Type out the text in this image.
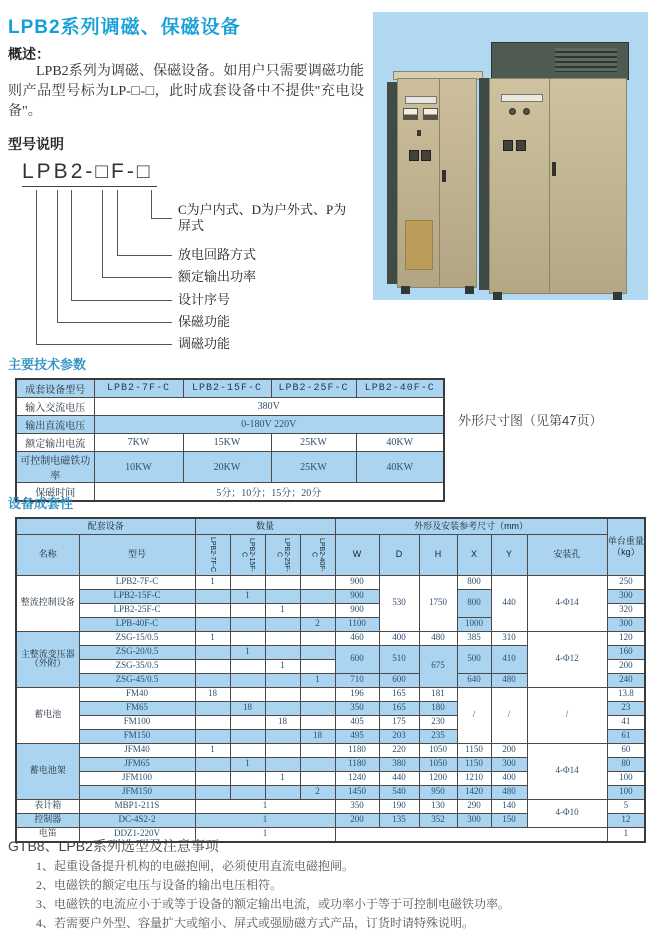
LPB2系列调磁、保磁设备
概述：
LPB2系列为调磁、保磁设备。如用户只需要调磁功能则产品型号标为LP-□-□，此时成套设备中不提供"充电设备"。
型号说明
LPB2-□F-□
C为户内式、D为户外式、P为屏式
放电回路方式
额定输出功率
设计序号
保磁功能
调磁功能
主要技术参数
成套设备型号	LPB2-7F-C	LPB2-15F-C	LPB2-25F-C	LPB2-40F-C
输入交流电压	380V			
输出直流电压	0-180V 220V			
额定输出电流	7KW	15KW	25KW	40KW
可控制电磁铁功率	10KW	20KW	25KW	40KW
保磁时间	5分；10分；15分；20分			
外形尺寸图（见第47页）
设备成套性
配套设备		数量				外形及安装参考尺寸（mm）						单台重量（kg）
名称	型号	LPB2-7F-C	LPB2-15F-C	LPB2-25F-C	LPB2-40F-C	W	D	H	X	Y	安装孔	
整流控制设备	LPB2-7F-C	1				900	530	1750	800	440	4-Φ14	250
	LPB2-15F-C		1			900			800			300
	LPB2-25F-C			1		900						320
	LPB-40F-C				2	1100			1000			300
主整流变压器（外附）	ZSG-15/0.5	1				460	400	480	385	310	4-Φ12	120
	ZSG-20/0.5		1			600	510	675	500	410		160
	ZSG-35/0.5			1								200
	ZSG-45/0.5				1	710	600		640	480		240
蓄电池	FM40	18				196	165	181	/	/	/	13.8
	FM65		18			350	165	180				23
	FM100			18		405	175	230				41
	FM150				18	495	203	235				61
蓄电池架	JFM40	1				1180	220	1050	1150	200	4-Φ14	60
	JFM65		1			1180	380	1050	1150	300		80
	JFM100			1		1240	440	1200	1210	400		100
	JFM150				2	1450	540	950	1420	480		100
表计箱	MBP1-211S	1				350	190	130	290	140	4-Φ10	5
控制器	DC-4S2-2	1				200	135	352	300	150		12
电笛	DDZ1-220V	1										1
GTB8、LPB2系列选型及注意事项
1、起重设备提升机构的电磁抱闸，必须使用直流电磁抱闸。
2、电磁铁的额定电压与设备的输出电压相符。
3、电磁铁的电流应小于或等于设备的额定输出电流，或功率小于等于可控制电磁铁功率。
4、若需要户外型、容量扩大或缩小、屏式或强励磁方式产品，订货时请特殊说明。
